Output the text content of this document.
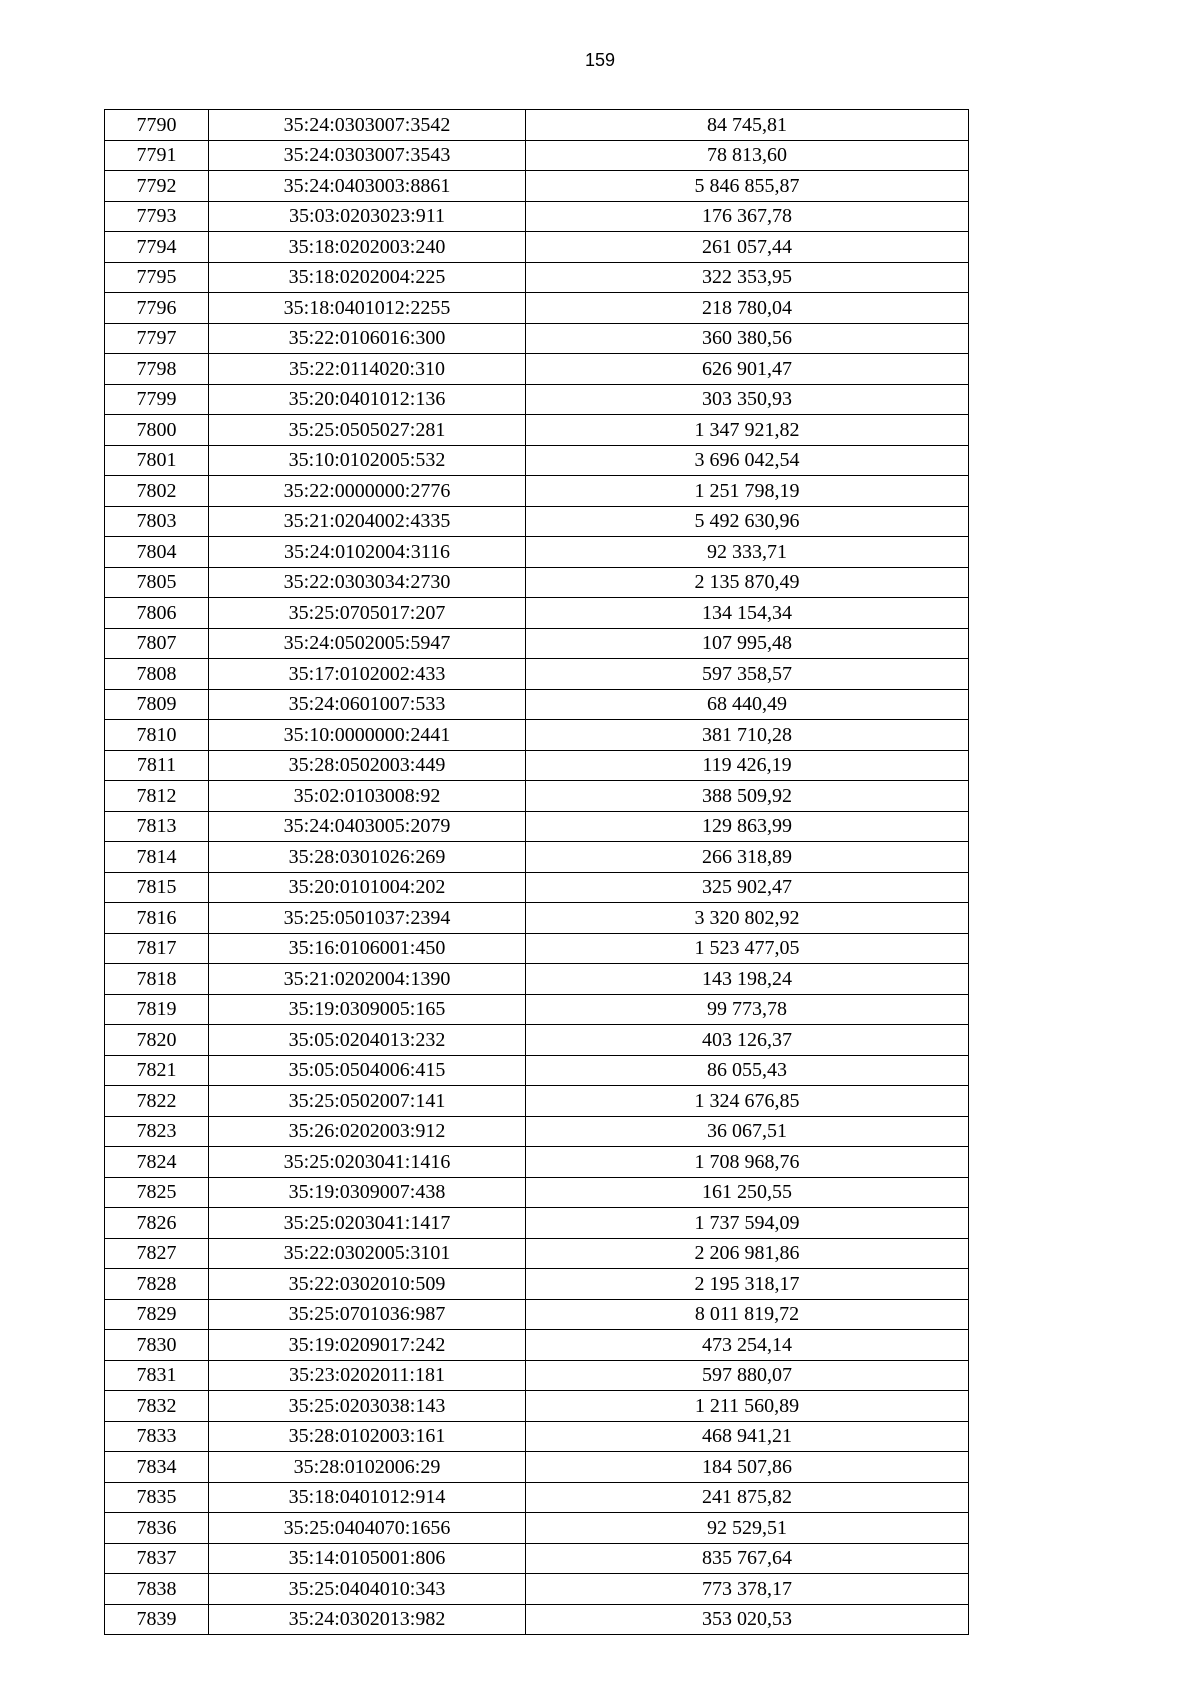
159
7790	35:24:0303007:3542	84 745,81
7791	35:24:0303007:3543	78 813,60
7792	35:24:0403003:8861	5 846 855,87
7793	35:03:0203023:911	176 367,78
7794	35:18:0202003:240	261 057,44
7795	35:18:0202004:225	322 353,95
7796	35:18:0401012:2255	218 780,04
7797	35:22:0106016:300	360 380,56
7798	35:22:0114020:310	626 901,47
7799	35:20:0401012:136	303 350,93
7800	35:25:0505027:281	1 347 921,82
7801	35:10:0102005:532	3 696 042,54
7802	35:22:0000000:2776	1 251 798,19
7803	35:21:0204002:4335	5 492 630,96
7804	35:24:0102004:3116	92 333,71
7805	35:22:0303034:2730	2 135 870,49
7806	35:25:0705017:207	134 154,34
7807	35:24:0502005:5947	107 995,48
7808	35:17:0102002:433	597 358,57
7809	35:24:0601007:533	68 440,49
7810	35:10:0000000:2441	381 710,28
7811	35:28:0502003:449	119 426,19
7812	35:02:0103008:92	388 509,92
7813	35:24:0403005:2079	129 863,99
7814	35:28:0301026:269	266 318,89
7815	35:20:0101004:202	325 902,47
7816	35:25:0501037:2394	3 320 802,92
7817	35:16:0106001:450	1 523 477,05
7818	35:21:0202004:1390	143 198,24
7819	35:19:0309005:165	99 773,78
7820	35:05:0204013:232	403 126,37
7821	35:05:0504006:415	86 055,43
7822	35:25:0502007:141	1 324 676,85
7823	35:26:0202003:912	36 067,51
7824	35:25:0203041:1416	1 708 968,76
7825	35:19:0309007:438	161 250,55
7826	35:25:0203041:1417	1 737 594,09
7827	35:22:0302005:3101	2 206 981,86
7828	35:22:0302010:509	2 195 318,17
7829	35:25:0701036:987	8 011 819,72
7830	35:19:0209017:242	473 254,14
7831	35:23:0202011:181	597 880,07
7832	35:25:0203038:143	1 211 560,89
7833	35:28:0102003:161	468 941,21
7834	35:28:0102006:29	184 507,86
7835	35:18:0401012:914	241 875,82
7836	35:25:0404070:1656	92 529,51
7837	35:14:0105001:806	835 767,64
7838	35:25:0404010:343	773 378,17
7839	35:24:0302013:982	353 020,53
